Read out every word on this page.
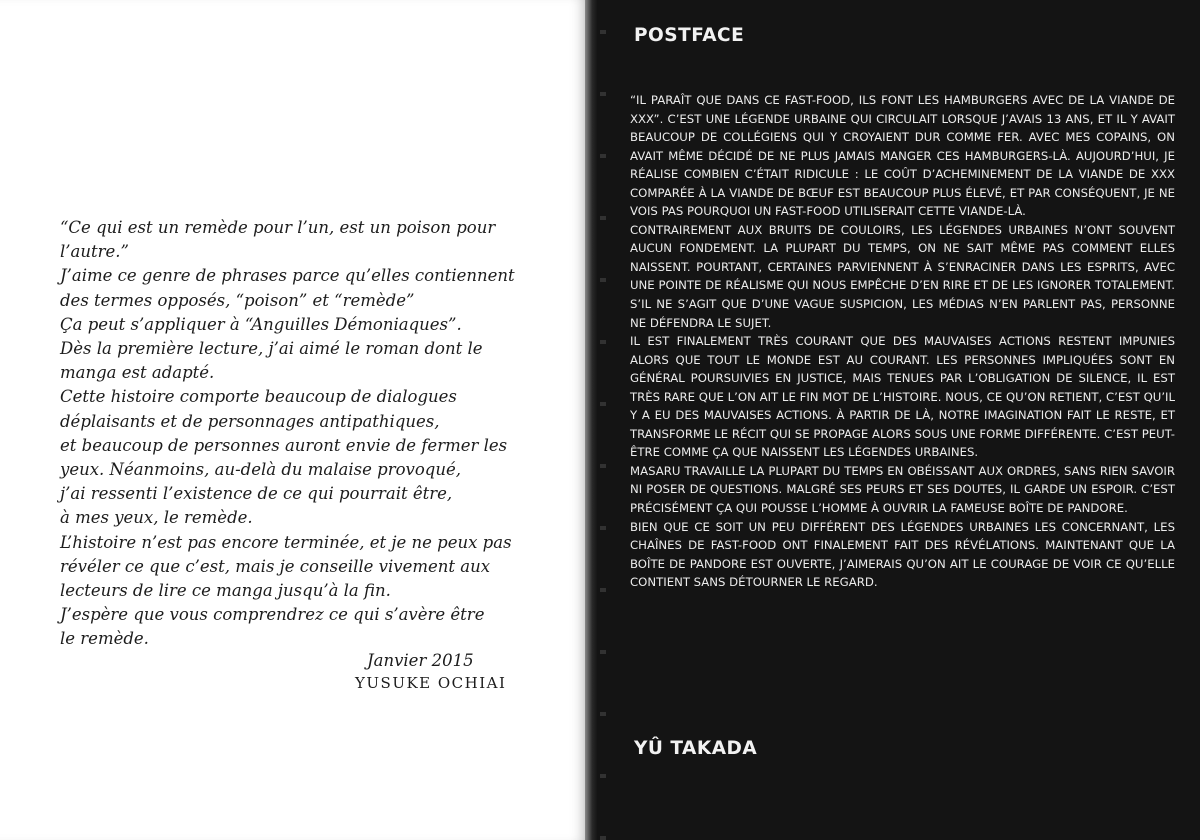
“Ce qui est un remède pour l’un, est un poison pour
l’autre.”
J’aime ce genre de phrases parce qu’elles contiennent
des termes opposés, “poison” et “remède”
Ça peut s’appliquer à “Anguilles Démoniaques”.
Dès la première lecture, j’ai aimé le roman dont le
manga est adapté.
Cette histoire comporte beaucoup de dialogues
déplaisants et de personnages antipathiques,
et beaucoup de personnes auront envie de fermer les
yeux. Néanmoins, au-delà du malaise provoqué,
j’ai ressenti l’existence de ce qui pourrait être,
à mes yeux, le remède.
L’histoire n’est pas encore terminée, et je ne peux pas
révéler ce que c’est, mais je conseille vivement aux
lecteurs de lire ce manga jusqu’à la fin.
J’espère que vous comprendrez ce qui s’avère être
le remède.
Janvier 2015
YUSUKE OCHIAI
POSTFACE

“IL PARAÎT QUE DANS CE FAST-FOOD, ILS FONT LES HAMBURGERS AVEC DE LA VIANDE DE XXX”. C’EST UNE LÉGENDE URBAINE QUI CIRCULAIT LORSQUE J’AVAIS 13 ANS, ET IL Y AVAIT BEAUCOUP DE COLLÉGIENS QUI Y CROYAIENT DUR COMME FER. AVEC MES COPAINS, ON AVAIT MÊME DÉCIDÉ DE NE PLUS JAMAIS MANGER CES HAMBURGERS-LÀ. AUJOURD’HUI, JE RÉALISE COMBIEN C’ÉTAIT RIDICULE : LE COÛT D’ACHEMINEMENT DE LA VIANDE DE XXX COMPARÉE À LA VIANDE DE BŒUF EST BEAUCOUP PLUS ÉLEVÉ, ET PAR CONSÉQUENT, JE NE VOIS PAS POURQUOI UN FAST-FOOD UTILISERAIT CETTE VIANDE-LÀ.

CONTRAIREMENT AUX BRUITS DE COULOIRS, LES LÉGENDES URBAINES N’ONT SOUVENT AUCUN FONDEMENT. LA PLUPART DU TEMPS, ON NE SAIT MÊME PAS COMMENT ELLES NAISSENT. POURTANT, CERTAINES PARVIENNENT À S’ENRACINER DANS LES ESPRITS, AVEC UNE POINTE DE RÉALISME QUI NOUS EMPÊCHE D’EN RIRE ET DE LES IGNORER TOTALEMENT. S’IL NE S’AGIT QUE D’UNE VAGUE SUSPICION, LES MÉDIAS N’EN PARLENT PAS, PERSONNE NE DÉFENDRA LE SUJET.

IL EST FINALEMENT TRÈS COURANT QUE DES MAUVAISES ACTIONS RESTENT IMPUNIES ALORS QUE TOUT LE MONDE EST AU COURANT. LES PERSONNES IMPLIQUÉES SONT EN GÉNÉRAL POURSUIVIES EN JUSTICE, MAIS TENUES PAR L’OBLIGATION DE SILENCE, IL EST TRÈS RARE QUE L’ON AIT LE FIN MOT DE L’HISTOIRE. NOUS, CE QU’ON RETIENT, C’EST QU’IL Y A EU DES MAUVAISES ACTIONS. À PARTIR DE LÀ, NOTRE IMAGINATION FAIT LE RESTE, ET TRANSFORME LE RÉCIT QUI SE PROPAGE ALORS SOUS UNE FORME DIFFÉRENTE. C’EST PEUT-ÊTRE COMME ÇA QUE NAISSENT LES LÉGENDES URBAINES.

MASARU TRAVAILLE LA PLUPART DU TEMPS EN OBÉISSANT AUX ORDRES, SANS RIEN SAVOIR NI POSER DE QUESTIONS. MALGRÉ SES PEURS ET SES DOUTES, IL GARDE UN ESPOIR. C’EST PRÉCISÉMENT ÇA QUI POUSSE L’HOMME À OUVRIR LA FAMEUSE BOÎTE DE PANDORE.

BIEN QUE CE SOIT UN PEU DIFFÉRENT DES LÉGENDES URBAINES LES CONCERNANT, LES CHAÎNES DE FAST-FOOD ONT FINALEMENT FAIT DES RÉVÉLATIONS. MAINTENANT QUE LA BOÎTE DE PANDORE EST OUVERTE, J’AIMERAIS QU’ON AIT LE COURAGE DE VOIR CE QU’ELLE CONTIENT SANS DÉTOURNER LE REGARD.

YÛ TAKADA
